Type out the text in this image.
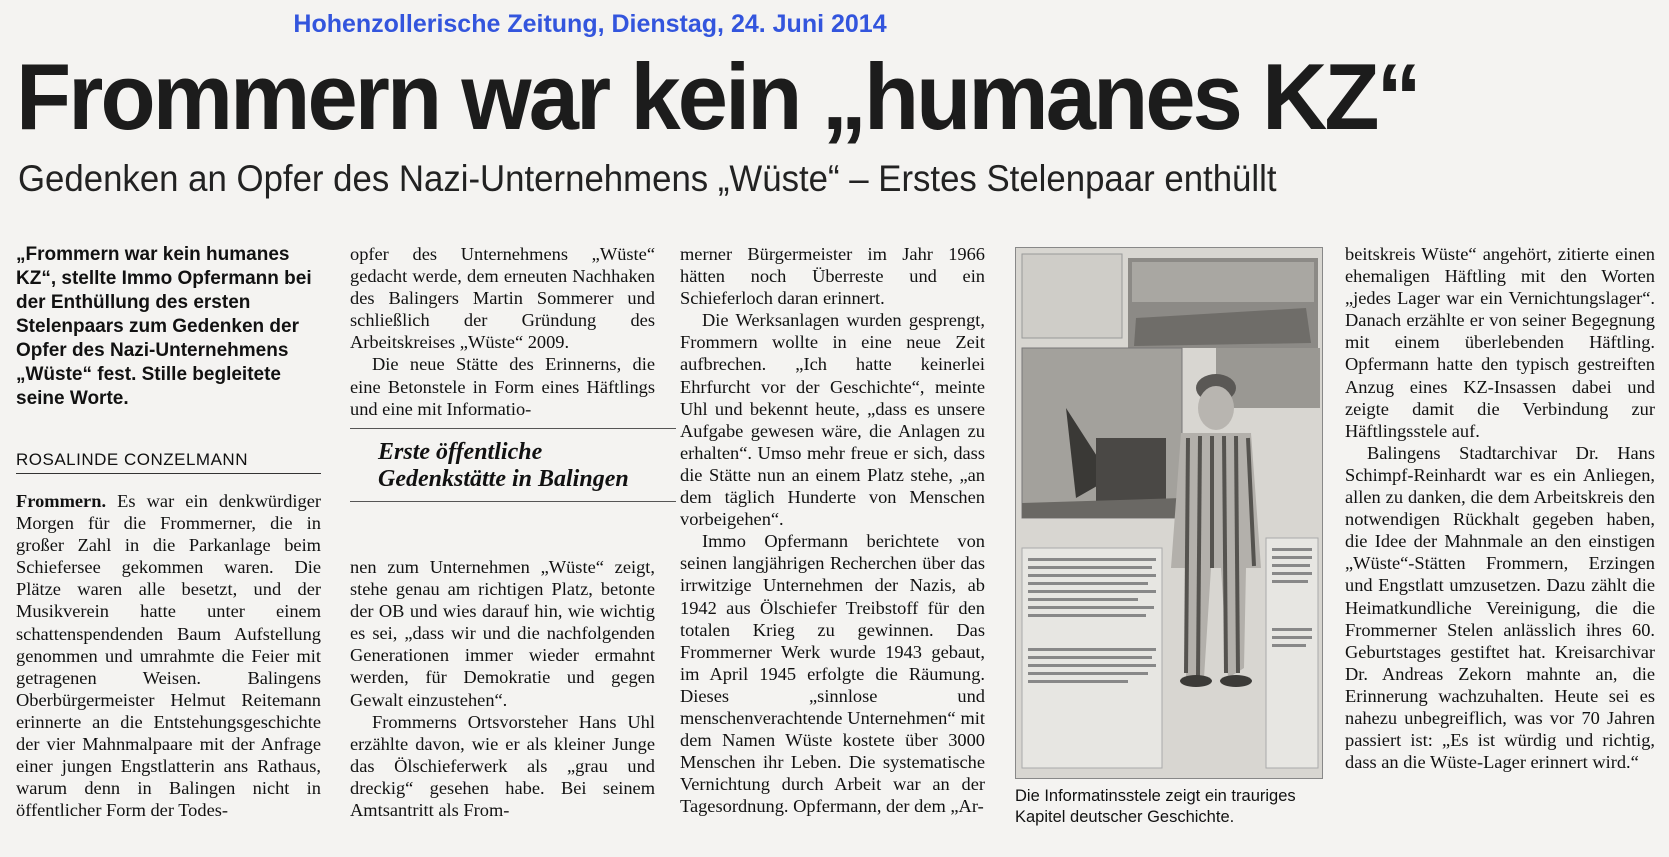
Hohenzollerische Zeitung, Dienstag, 24. Juni 2014
Frommern war kein „humanes KZ“
Gedenken an Opfer des Nazi-Unternehmens „Wüste“ – Erstes Stelenpaar enthüllt
„Frommern war kein humanes KZ“, stellte Immo Opfermann bei der Enthüllung des ersten Stelenpaars zum Gedenken der Opfer des Nazi-Unternehmens „Wüste“ fest. Stille begleitete seine Worte.
ROSALINDE CONZELMANN

Frommern. Es war ein denkwürdiger Morgen für die Frommerner, die in großer Zahl in die Parkanlage beim Schiefersee gekommen waren. Die Plätze waren alle besetzt, und der Musikverein hatte unter einem schattenspendenden Baum Aufstellung genommen und umrahmte die Feier mit getragenen Weisen. Balingens Oberbürgermeister Helmut Reitemann erinnerte an die Entstehungsgeschichte der vier Mahnmalpaare mit der Anfrage einer jungen Engstlatterin ans Rathaus, warum denn in Balingen nicht in öffentlicher Form der Todes-

opfer des Unternehmens „Wüste“ gedacht werde, dem erneuten Nachhaken des Balingers Martin Sommerer und schließlich der Gründung des Arbeitskreises „Wüste“ 2009.

Die neue Stätte des Erinnerns, die eine Betonstele in Form eines Häftlings und eine mit Informatio-

Erste öffentliche Gedenkstätte in Balingen

nen zum Unternehmen „Wüste“ zeigt, stehe genau am richtigen Platz, betonte der OB und wies darauf hin, wie wichtig es sei, „dass wir und die nachfolgenden Generationen immer wieder ermahnt werden, für Demokratie und gegen Gewalt einzustehen“.

Frommerns Ortsvorsteher Hans Uhl erzählte davon, wie er als kleiner Junge das Ölschieferwerk als „grau und dreckig“ gesehen habe. Bei seinem Amtsantritt als From-

merner Bürgermeister im Jahr 1966 hätten noch Überreste und ein Schieferloch daran erinnert.

Die Werksanlagen wurden gesprengt, Frommern wollte in eine neue Zeit aufbrechen. „Ich hatte keinerlei Ehrfurcht vor der Geschichte“, meinte Uhl und bekennt heute, „dass es unsere Aufgabe gewesen wäre, die Anlagen zu erhalten“. Umso mehr freue er sich, dass die Stätte nun an einem Platz stehe, „an dem täglich Hunderte von Menschen vorbeigehen“.

Immo Opfermann berichtete von seinen langjährigen Recherchen über das irrwitzige Unternehmen der Nazis, ab 1942 aus Ölschiefer Treibstoff für den totalen Krieg zu gewinnen. Das Frommerner Werk wurde 1943 gebaut, im April 1945 erfolgte die Räumung. Dieses „sinnlose und menschenverachtende Unternehmen“ mit dem Namen Wüste kostete über 3000 Menschen ihr Leben. Die systematische Vernichtung durch Arbeit war an der Tagesordnung. Opfermann, der dem „Ar-

Die Informatinsstele zeigt ein trauriges Kapitel deutscher Geschichte.

beitskreis Wüste“ angehört, zitierte einen ehemaligen Häftling mit den Worten „jedes Lager war ein Vernichtungslager“. Danach erzählte er von seiner Begegnung mit einem überlebenden Häftling. Opfermann hatte den typisch gestreiften Anzug eines KZ-Insassen dabei und zeigte damit die Verbindung zur Häftlingsstele auf.

Balingens Stadtarchivar Dr. Hans Schimpf-Reinhardt war es ein Anliegen, allen zu danken, die dem Arbeitskreis den notwendigen Rückhalt gegeben haben, die Idee der Mahnmale an den einstigen „Wüste“-Stätten Frommern, Erzingen und Engstlatt umzusetzen. Dazu zählt die Heimatkundliche Vereinigung, die die Frommerner Stelen anlässlich ihres 60. Geburtstages gestiftet hat. Kreisarchivar Dr. Andreas Zekorn mahnte an, die Erinnerung wachzuhalten. Heute sei es nahezu unbegreiflich, was vor 70 Jahren passiert ist: „Es ist würdig und richtig, dass an die Wüste-Lager erinnert wird.“
